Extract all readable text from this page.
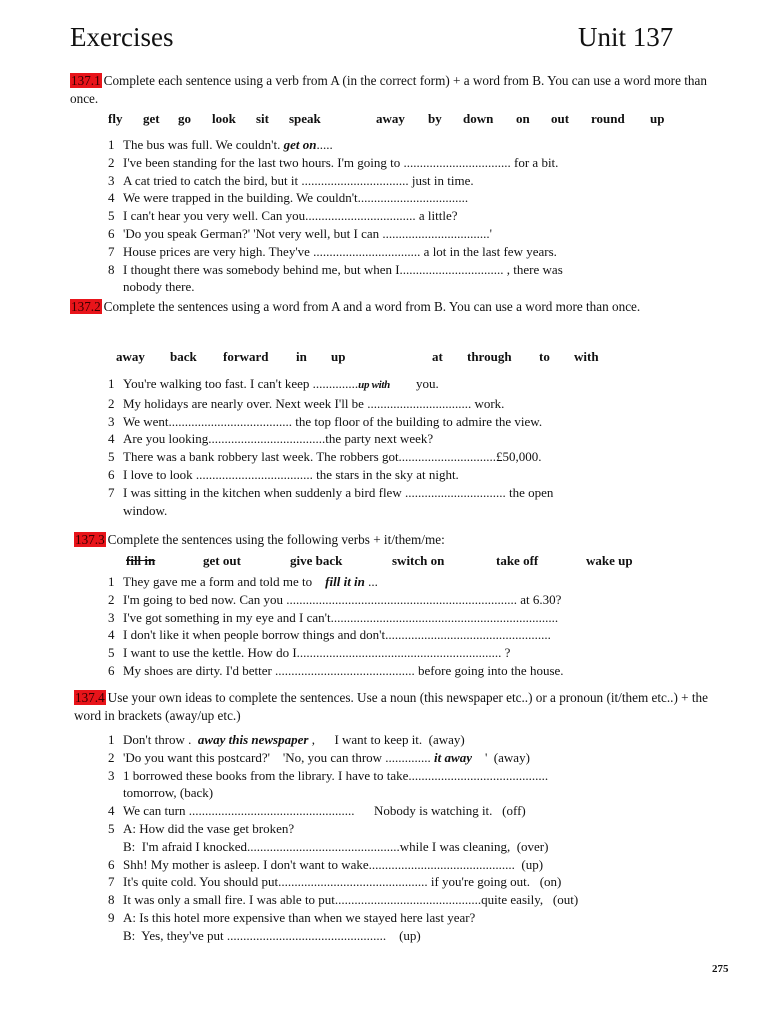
Exercises	Unit 137
137.1 Complete each sentence using a verb from A (in the correct form) + a word from B. You can use a word more than once.
fly get go look sit speak	away by down on out round up
1 The bus was full. We couldn't. get on.....
2 I've been standing for the last two hours. I'm going to ................................. for a bit.
3 A cat tried to catch the bird, but it ................................. just in time.
4 We were trapped in the building. We couldn't..................................
5 I can't hear you very well. Can you.................................. a little?
6 'Do you speak German?' 'Not very well, but I can .................................'
7 House prices are very high. They've ................................. a lot in the last few years.
8 I thought there was somebody behind me, but when I................................ , there was
nobody there.
137.2 Complete the sentences using a word from A and a word from B. You can use a word more than once.
away back forward in up	at through to with
1 You're walking too fast. I can't keep ..............up with        you.
2 My holidays are nearly over. Next week I'll be ................................ work.
3 We went...................................... the top floor of the building to admire the view.
4 Are you looking....................................the party next week?
5 There was a bank robbery last week. The robbers got..............................£50,000.
6 I love to look .................................... the stars in the sky at night.
7 I was sitting in the kitchen when suddenly a bird flew ............................... the open
window.
137.3 Complete the sentences using the following verbs + it/them/me:
fill in	get out	give back	switch on	take off	wake up
1 They gave me a form and told me to    fill it in ...
2 I'm going to bed now. Can you ....................................................................... at 6.30?
3 I've got something in my eye and I can't......................................................................
4 I don't like it when people borrow things and don't...................................................
5 I want to use the kettle. How do I............................................................... ?
6 My shoes are dirty. I'd better ........................................... before going into the house.
137.4 Use your own ideas to complete the sentences. Use a noun (this newspaper etc..) or a pronoun (it/them etc..) + the word in brackets (away/up etc.)
1 Don't throw .  away this newspaper ,      I want to keep it.  (away)
2 'Do you want this postcard?'    'No, you can throw .............. it away    '  (away)
3 1 borrowed these books from the library. I have to take...........................................
tomorrow, (back)
4 We can turn ...................................................      Nobody is watching it.   (off)
5 A: How did the vase get broken?
B:  I'm afraid I knocked...............................................while I was cleaning,  (over)
6 Shh! My mother is asleep. I don't want to wake.............................................  (up)
7 It's quite cold. You should put.............................................. if you're going out.   (on)
8 It was only a small fire. I was able to put.............................................quite easily,   (out)
9 A: Is this hotel more expensive than when we stayed here last year?
B:  Yes, they've put .................................................    (up)
275
